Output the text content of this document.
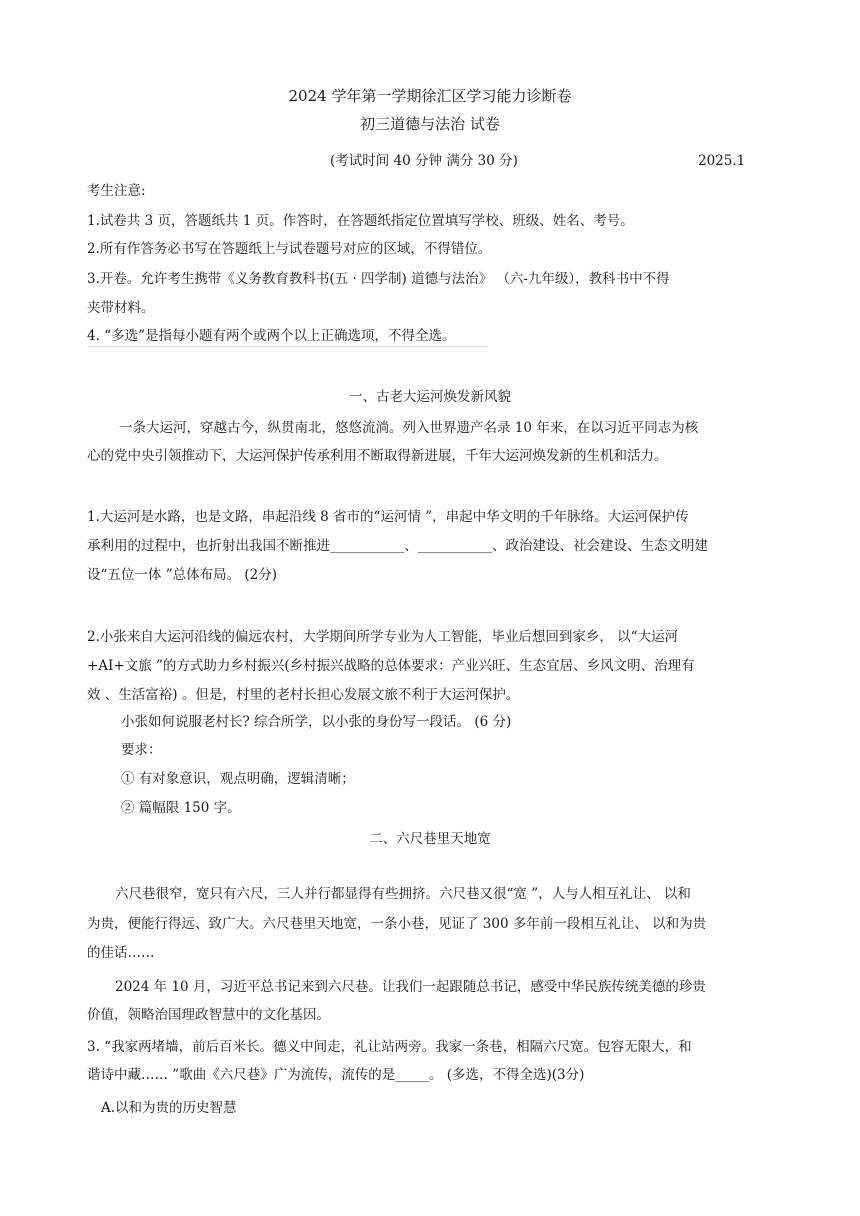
2024 学年第一学期徐汇区学习能力诊断卷
初三道德与法治 试卷
(考试时间 40 分钟 满分 30 分)	2025.1
考生注意:
1.试卷共 3 页，答题纸共 1 页。作答时，在答题纸指定位置填写学校、班级、姓名、考号。
2.所有作答务必书写在答题纸上与试卷题号对应的区域，不得错位。
3.开卷。允许考生携带《义务教育教科书(五 · 四学制) 道德与法治》 （六-九年级），教科书中不得
夹带材料。
4. “多选”是指每小题有两个或两个以上正确选项，不得全选。
一、古老大运河焕发新风貌
一条大运河，穿越古今，纵贯南北，悠悠流淌。列入世界遗产名录 10 年来，在以习近平同志为核
心的党中央引领推动下，大运河保护传承利用不断取得新进展，千年大运河焕发新的生机和活力。
1.大运河是水路，也是文路，串起沿线 8 省市的“运河情 ”，串起中华文明的千年脉络。大运河保护传
承利用的过程中，也折射出我国不断推进___________、___________、政治建设、社会建设、生态文明建
设“五位一体 ”总体布局。 (2分)
2.小张来自大运河沿线的偏远农村，大学期间所学专业为人工智能，毕业后想回到家乡， 以“大运河
+AI+文旅 ”的方式助力乡村振兴(乡村振兴战略的总体要求：产业兴旺、生态宜居、乡风文明、治理有
效 、生活富裕) 。但是，村里的老村长担心发展文旅不利于大运河保护。
小张如何说服老村长? 综合所学，以小张的身份写一段话。 (6 分)
要求：
① 有对象意识，观点明确，逻辑清晰；
② 篇幅限 150 字。
二、六尺巷里天地宽
六尺巷很窄，宽只有六尺，三人并行都显得有些拥挤。六尺巷又很“宽 ”，人与人相互礼让、 以和
为贵，便能行得远、致广大。六尺巷里天地宽，一条小巷，见证了 300 多年前一段相互礼让、 以和为贵
的佳话……
2024 年 10 月，习近平总书记来到六尺巷。让我们一起跟随总书记，感受中华民族传统美德的珍贵
价值，领略治国理政智慧中的文化基因。
3. “我家两堵墙，前后百米长。德义中间走，礼让站两旁。我家一条巷，相隔六尺宽。包容无限大，和
谐诗中藏…… ”歌曲《六尺巷》广为流传，流传的是_____。 (多选，不得全选)(3分)
A.以和为贵的历史智慧
